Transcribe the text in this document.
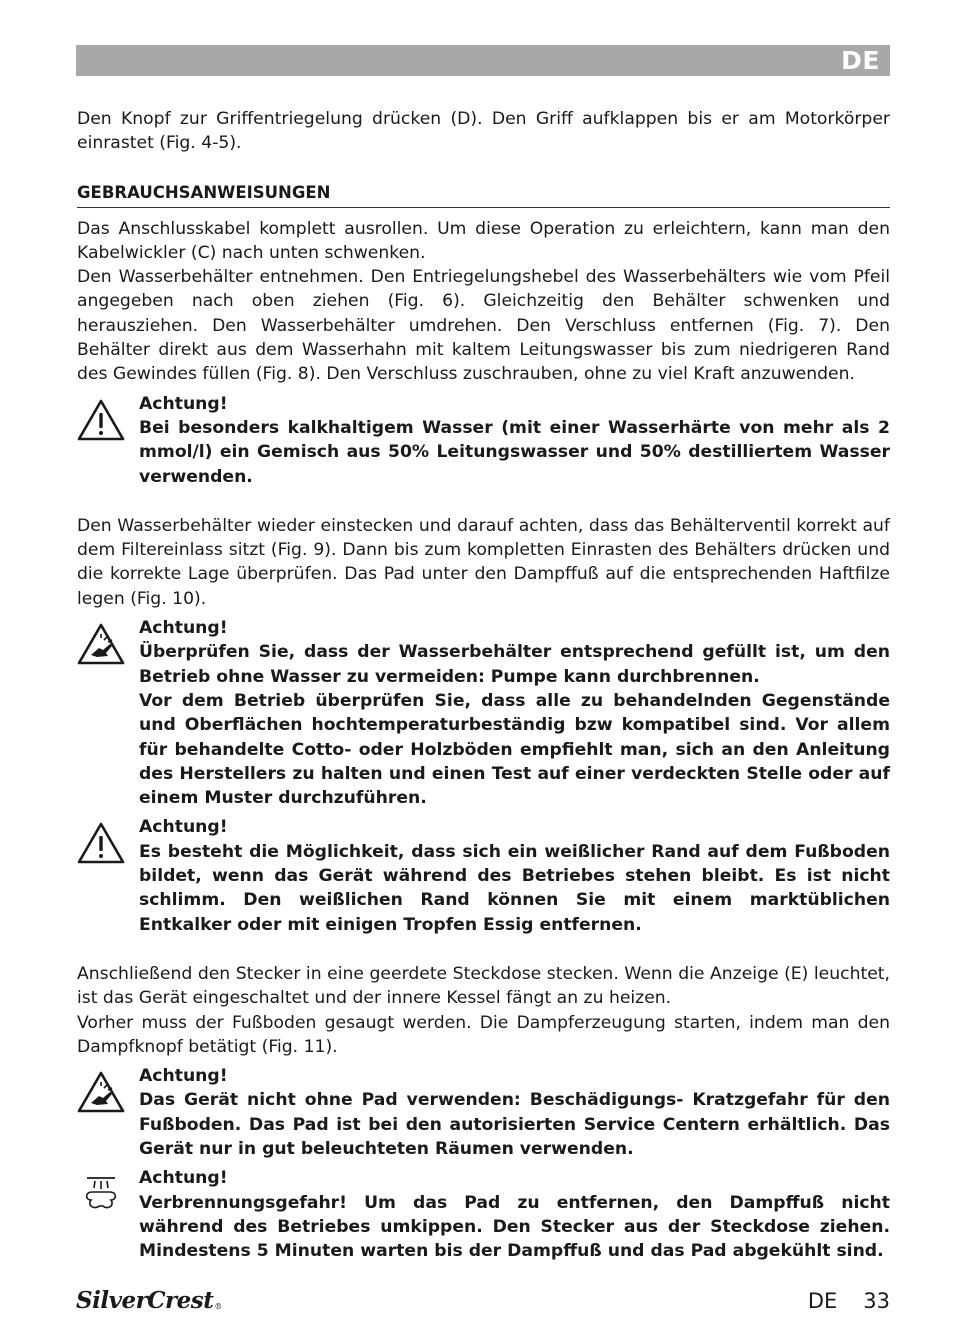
DE

Den Knopf zur Griffentriegelung drücken (D). Den Griff aufklappen bis er am Motorkörper einrastet (Fig. 4-5).

GEBRAUCHSANWEISUNGEN

Das Anschlusskabel komplett ausrollen. Um diese Operation zu erleichtern, kann man den Kabelwickler (C) nach unten schwenken.

Den Wasserbehälter entnehmen. Den Entriegelungshebel des Wasserbehälters wie vom Pfeil angegeben nach oben ziehen (Fig. 6). Gleichzeitig den Behälter schwenken und herausziehen. Den Wasserbehälter umdrehen. Den Verschluss entfernen (Fig. 7). Den Behälter direkt aus dem Wasserhahn mit kaltem Leitungswasser bis zum niedrigeren Rand des Gewindes füllen (Fig. 8). Den Verschluss zuschrauben, ohne zu viel Kraft anzuwenden.

Achtung!
Bei besonders kalkhaltigem Wasser (mit einer Wasserhärte von mehr als 2 mmol/l) ein Gemisch aus 50% Leitungswasser und 50% destilliertem Wasser verwenden.

Den Wasserbehälter wieder einstecken und darauf achten, dass das Behälterventil korrekt auf dem Filtereinlass sitzt (Fig. 9). Dann bis zum kompletten Einrasten des Behälters drücken und die korrekte Lage überprüfen. Das Pad unter den Dampffuß auf die entsprechenden Haftfilze legen (Fig. 10).

Achtung!
Überprüfen Sie, dass der Wasserbehälter entsprechend gefüllt ist, um den Betrieb ohne Wasser zu vermeiden: Pumpe kann durchbrennen.
Vor dem Betrieb überprüfen Sie, dass alle zu behandelnden Gegenstände und Oberflächen hochtemperaturbeständig bzw kompatibel sind. Vor allem für behandelte Cotto- oder Holzböden empfiehlt man, sich an den Anleitung des Herstellers zu halten und einen Test auf einer verdeckten Stelle oder auf einem Muster durchzuführen.
Achtung!
Es besteht die Möglichkeit, dass sich ein weißlicher Rand auf dem Fußboden bildet, wenn das Gerät während des Betriebes stehen bleibt. Es ist nicht schlimm. Den weißlichen Rand können Sie mit einem marktüblichen Entkalker oder mit einigen Tropfen Essig entfernen.

Anschließend den Stecker in eine geerdete Steckdose stecken. Wenn die Anzeige (E) leuchtet, ist das Gerät eingeschaltet und der innere Kessel fängt an zu heizen.

Vorher muss der Fußboden gesaugt werden. Die Dampferzeugung starten, indem man den Dampfknopf betätigt (Fig. 11).

Achtung!
Das Gerät nicht ohne Pad verwenden: Beschädigungs- Kratzgefahr für den Fußboden. Das Pad ist bei den autorisierten Service Centern erhältlich. Das Gerät nur in gut beleuchteten Räumen verwenden.
Achtung!
Verbrennungsgefahr! Um das Pad zu entfernen, den Dampffuß nicht während des Betriebes umkippen. Den Stecker aus der Steckdose ziehen. Mindestens 5 Minuten warten bis der Dampffuß und das Pad abgekühlt sind.
SilverCrest®	DE 33
